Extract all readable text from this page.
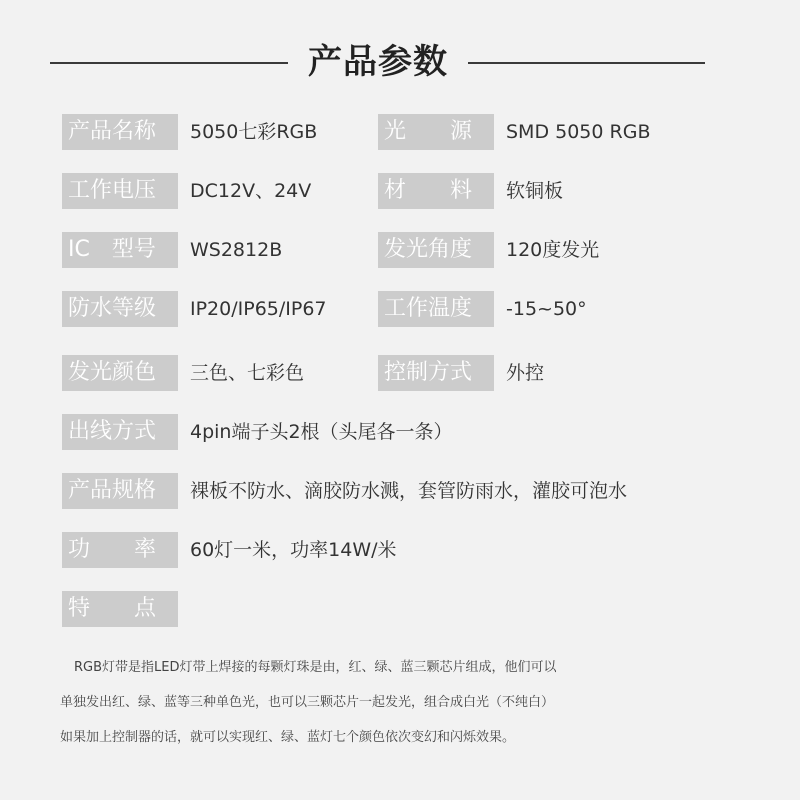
产品参数
产品名称	5050七彩RGB	光　　源	SMD 5050 RGB
工作电压	DC12V、24V	材　　料	软铜板
IC　型号	WS2812B	发光角度	120度发光
防水等级	IP20/IP65/IP67	工作温度	-15~50°
发光颜色	三色、七彩色	控制方式	外控
出线方式	4pin端子头2根（头尾各一条）
产品规格	裸板不防水、滴胶防水溅，套管防雨水，灌胶可泡水
功　　率	60灯一米，功率14W/米
特　　点

RGB灯带是指LED灯带上焊接的每颗灯珠是由，红、绿、蓝三颗芯片组成，他们可以

单独发出红、绿、蓝等三种单色光，也可以三颗芯片一起发光，组合成白光（不纯白）

如果加上控制器的话，就可以实现红、绿、蓝灯七个颜色依次变幻和闪烁效果。
